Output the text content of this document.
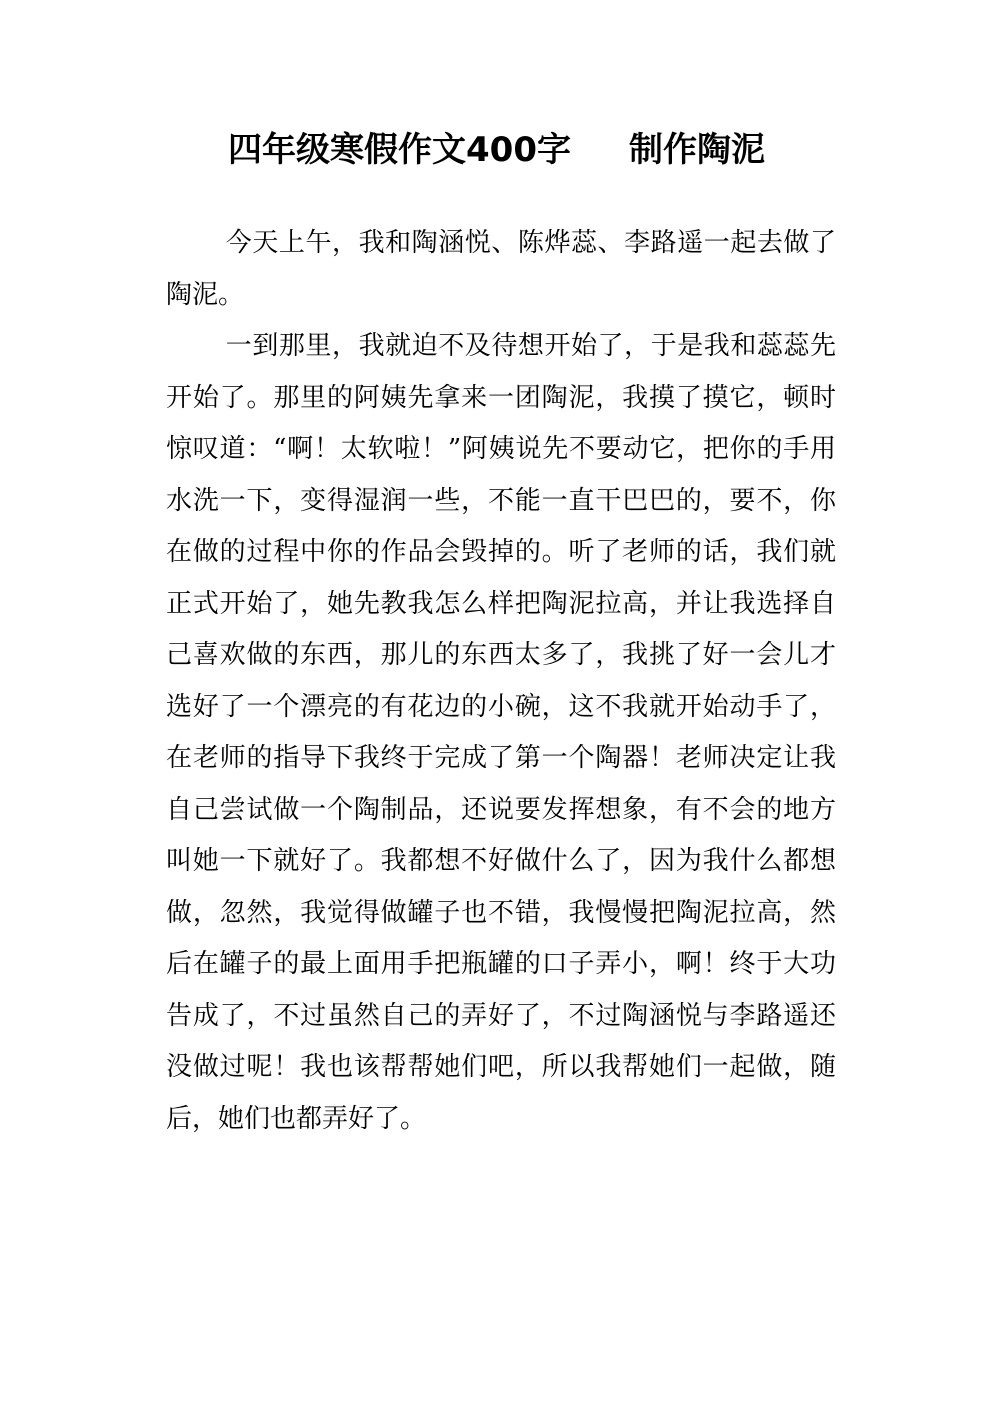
四年级寒假作文400字 制作陶泥

今天上午，我和陶涵悦、陈烨蕊、李路遥一起去做了陶泥。

一到那里，我就迫不及待想开始了，于是我和蕊蕊先开始了。那里的阿姨先拿来一团陶泥，我摸了摸它，顿时惊叹道：“啊！太软啦！”阿姨说先不要动它，把你的手用水洗一下，变得湿润一些，不能一直干巴巴的，要不，你在做的过程中你的作品会毁掉的。听了老师的话，我们就正式开始了，她先教我怎么样把陶泥拉高，并让我选择自己喜欢做的东西，那儿的东西太多了，我挑了好一会儿才选好了一个漂亮的有花边的小碗，这不我就开始动手了，在老师的指导下我终于完成了第一个陶器！老师决定让我自己尝试做一个陶制品，还说要发挥想象，有不会的地方叫她一下就好了。我都想不好做什么了，因为我什么都想做，忽然，我觉得做罐子也不错，我慢慢把陶泥拉高，然后在罐子的最上面用手把瓶罐的口子弄小，啊！终于大功告成了，不过虽然自己的弄好了，不过陶涵悦与李路遥还没做过呢！我也该帮帮她们吧，所以我帮她们一起做，随后，她们也都弄好了。
